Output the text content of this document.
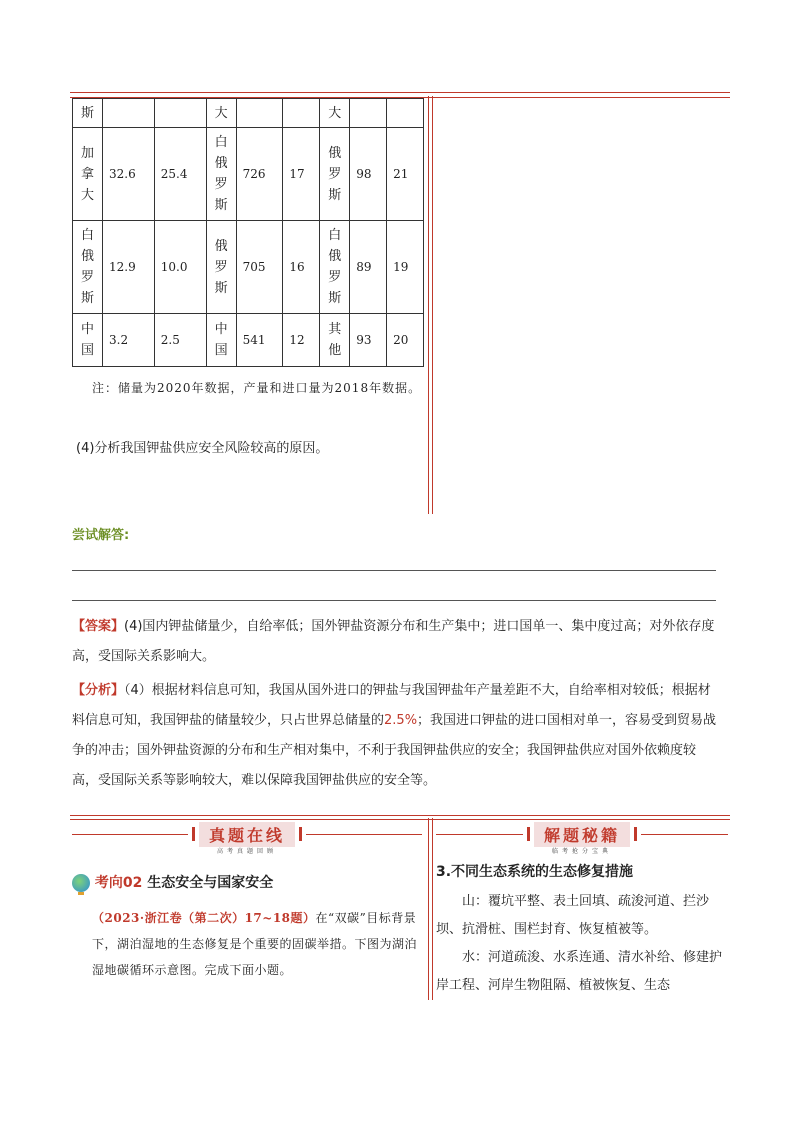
斯			大			大		
加拿大	32.6	25.4	白俄罗斯	726	17	俄罗斯	98	21
白俄罗斯	12.9	10.0	俄罗斯	705	16	白俄罗斯	89	19
中国	3.2	2.5	中国	541	12	其他	93	20
注：储量为2020年数据，产量和进口量为2018年数据。
(4)分析我国钾盐供应安全风险较高的原因。
尝试解答:
【答案】(4)国内钾盐储量少，自给率低；国外钾盐资源分布和生产集中；进口国单一、集中度过高；对外依存度高，受国际关系影响大。
【分析】（4）根据材料信息可知，我国从国外进口的钾盐与我国钾盐年产量差距不大，自给率相对较低；根据材料信息可知，我国钾盐的储量较少，只占世界总储量的2.5%；我国进口钾盐的进口国相对单一，容易受到贸易战争的冲击；国外钾盐资源的分布和生产相对集中，不利于我国钾盐供应的安全；我国钾盐供应对国外依赖度较高，受国际关系等影响较大，难以保障我国钾盐供应的安全等。
真题在线
高考真题回顾
解题秘籍
临考抢分宝典
考向02 生态安全与国家安全
（2023·浙江卷（第二次）17~18题）在“双碳”目标背景下，湖泊湿地的生态修复是个重要的固碳举措。下图为湖泊湿地碳循环示意图。完成下面小题。
3.不同生态系统的生态修复措施
山：覆坑平整、表土回填、疏浚河道、拦沙坝、抗滑桩、围栏封育、恢复植被等。
水：河道疏浚、水系连通、清水补给、修建护岸工程、河岸生物阻隔、植被恢复、生态
